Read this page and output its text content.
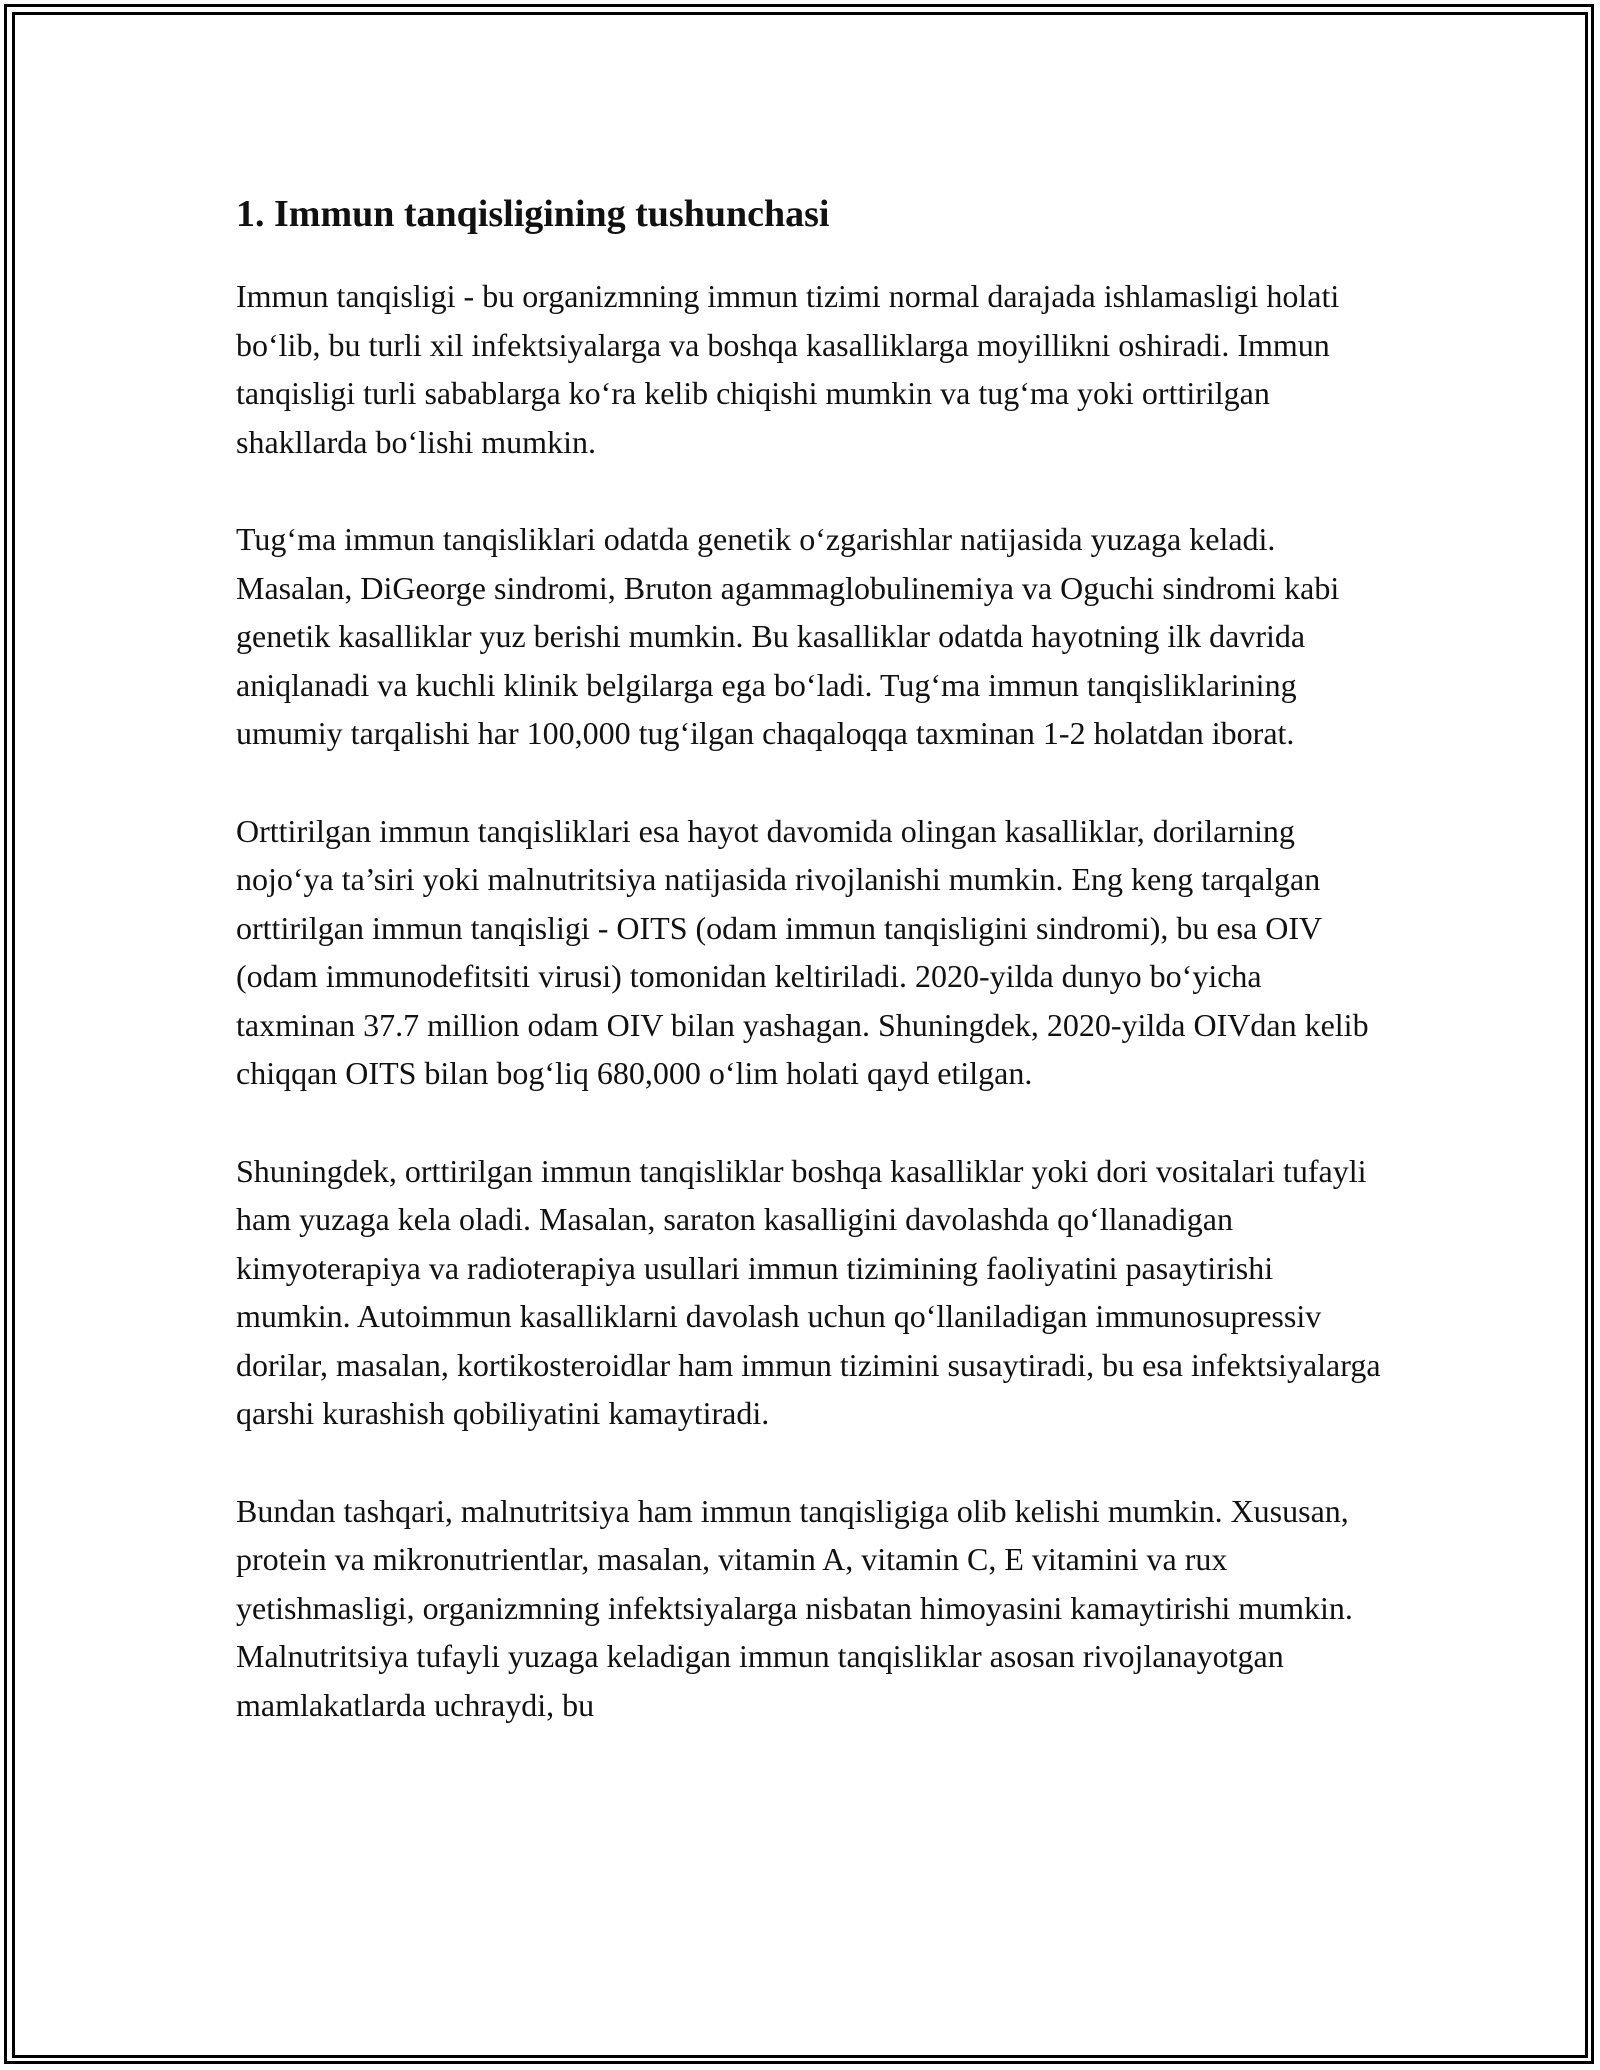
1. Immun tanqisligining tushunchasi

Immun tanqisligi - bu organizmning immun tizimi normal darajada ishlamasligi holati bo‘lib, bu turli xil infektsiyalarga va boshqa kasalliklarga moyillikni oshiradi. Immun tanqisligi turli sabablarga ko‘ra kelib chiqishi mumkin va tug‘ma yoki orttirilgan shakllarda bo‘lishi mumkin.

Tug‘ma immun tanqisliklari odatda genetik o‘zgarishlar natijasida yuzaga keladi. Masalan, DiGeorge sindromi, Bruton agammaglobulinemiya va Oguchi sindromi kabi genetik kasalliklar yuz berishi mumkin. Bu kasalliklar odatda hayotning ilk davrida aniqlanadi va kuchli klinik belgilarga ega bo‘ladi. Tug‘ma immun tanqisliklarining umumiy tarqalishi har 100,000 tug‘ilgan chaqaloqqa taxminan 1-2 holatdan iborat.

Orttirilgan immun tanqisliklari esa hayot davomida olingan kasalliklar, dorilarning nojo‘ya ta’siri yoki malnutritsiya natijasida rivojlanishi mumkin. Eng keng tarqalgan orttirilgan immun tanqisligi - OITS (odam immun tanqisligini sindromi), bu esa OIV (odam immunodefitsiti virusi) tomonidan keltiriladi. 2020-yilda dunyo bo‘yicha taxminan 37.7 million odam OIV bilan yashagan. Shuningdek, 2020-yilda OIVdan kelib chiqqan OITS bilan bog‘liq 680,000 o‘lim holati qayd etilgan.

Shuningdek, orttirilgan immun tanqisliklar boshqa kasalliklar yoki dori vositalari tufayli ham yuzaga kela oladi. Masalan, saraton kasalligini davolashda qo‘llanadigan kimyoterapiya va radioterapiya usullari immun tizimining faoliyatini pasaytirishi mumkin. Autoimmun kasalliklarni davolash uchun qo‘llaniladigan immunosupressiv dorilar, masalan, kortikosteroidlar ham immun tizimini susaytiradi, bu esa infektsiyalarga qarshi kurashish qobiliyatini kamaytiradi.

Bundan tashqari, malnutritsiya ham immun tanqisligiga olib kelishi mumkin. Xususan, protein va mikronutrientlar, masalan, vitamin A, vitamin C, E vitamini va rux yetishmasligi, organizmning infektsiyalarga nisbatan himoyasini kamaytirishi mumkin. Malnutritsiya tufayli yuzaga keladigan immun tanqisliklar asosan rivojlanayotgan mamlakatlarda uchraydi, bu
